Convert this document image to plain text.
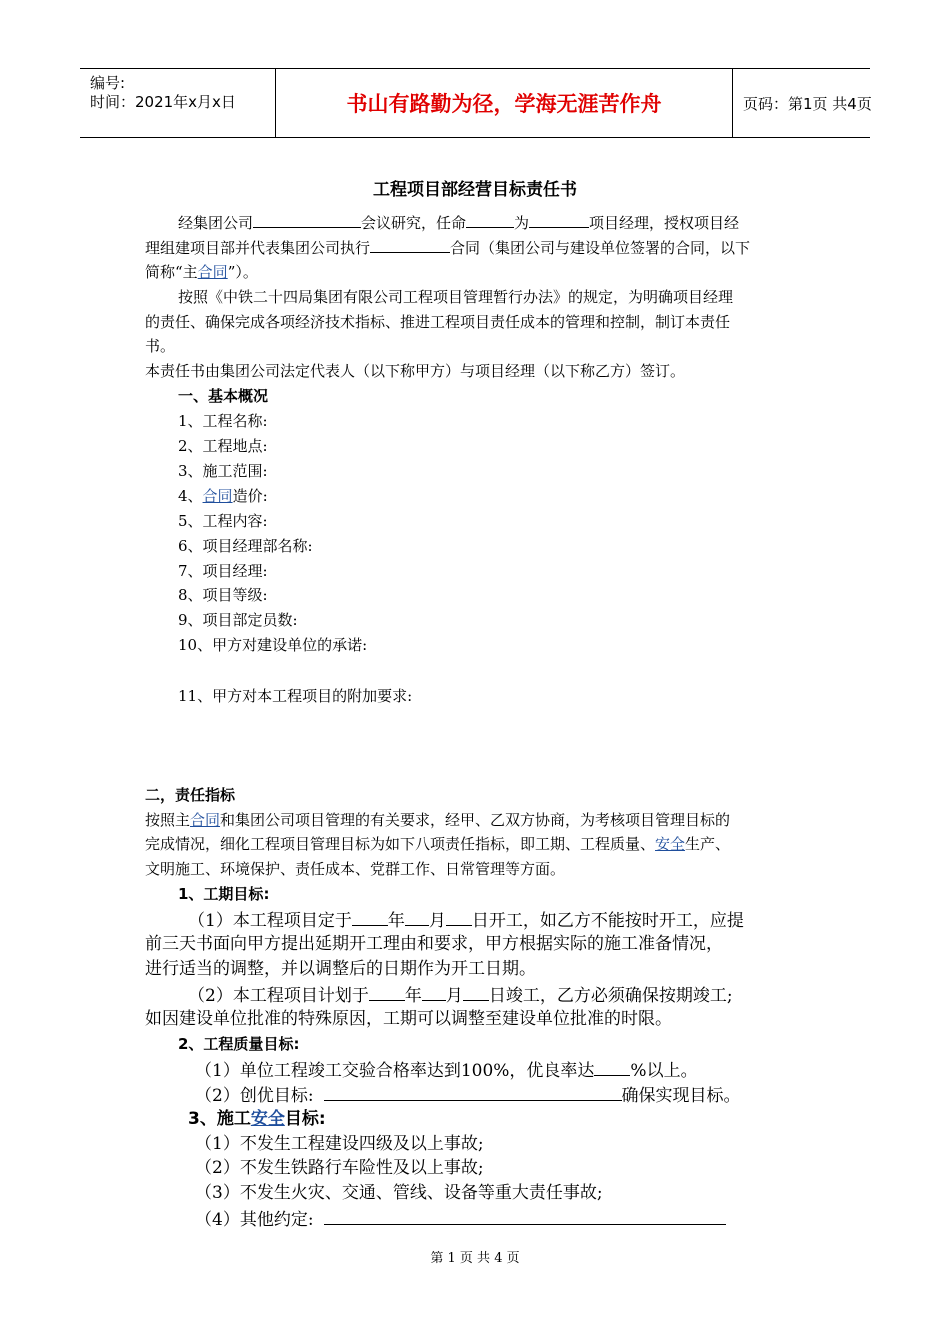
编号:
时间：2021年x月x日	书山有路勤为径，学海无涯苦作舟	页码：第1页 共4页
工程项目部经营目标责任书
经集团公司	会议研究，任命	为	项目经理，授权项目经
理组建项目部并代表集团公司执行	合同（集团公司与建设单位签署的合同，以下
简称“主合同”）。
按照《中铁二十四局集团有限公司工程项目管理暂行办法》的规定，为明确项目经理
的责任、确保完成各项经济技术指标、推进工程项目责任成本的管理和控制，制订本责任
书。
本责任书由集团公司法定代表人（以下称甲方）与项目经理（以下称乙方）签订。
一、基本概况
1、工程名称:
2、工程地点:
3、施工范围:
4、合同造价:
5、工程内容:
6、项目经理部名称:
7、项目经理:
8、项目等级:
9、项目部定员数:
10、甲方对建设单位的承诺:
11、甲方对本工程项目的附加要求:
二，责任指标
按照主合同和集团公司项目管理的有关要求，经甲、乙双方协商，为考核项目管理目标的
完成情况，细化工程项目管理目标为如下八项责任指标，即工期、工程质量、安全生产、
文明施工、环境保护、责任成本、党群工作、日常管理等方面。
1、工期目标:
（1）本工程项目定于 年 月 日开工，如乙方不能按时开工，应提
前三天书面向甲方提出延期开工理由和要求，甲方根据实际的施工准备情况，
进行适当的调整，并以调整后的日期作为开工日期。
（2）本工程项目计划于 年 月 日竣工，乙方必须确保按期竣工;
如因建设单位批准的特殊原因，工期可以调整至建设单位批准的时限。
2、工程质量目标:
（1）单位工程竣工交验合格率达到100%，优良率达 %以上。
（2）创优目标:	确保实现目标。
3、施工安全目标:
（1）不发生工程建设四级及以上事故;
（2）不发生铁路行车险性及以上事故;
（3）不发生火灾、交通、管线、设备等重大责任事故;
（4）其他约定:
第 1 页 共 4 页
